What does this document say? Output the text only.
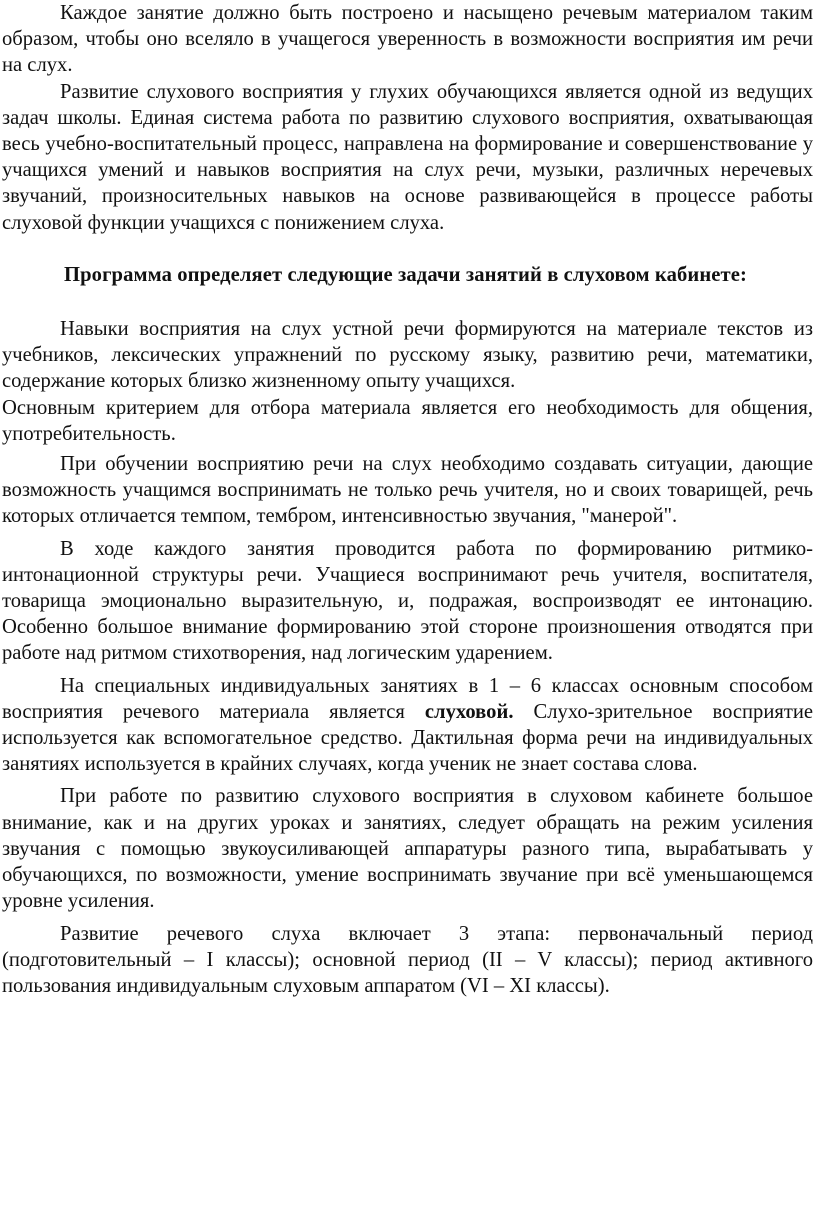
Каждое занятие должно быть построено и насыщено речевым материалом таким образом, чтобы оно вселяло в учащегося уверенность в возможности восприятия им речи на слух.

Развитие слухового восприятия у глухих обучающихся является одной из ведущих задач школы. Единая система работа по развитию слухового восприятия, охватывающая весь учебно-воспитательный процесс, направлена на формирование и совершенствование у учащихся умений и навыков восприятия на слух речи, музыки, различных неречевых звучаний, произносительных навыков на основе развивающейся в процессе работы слуховой функции учащихся с понижением слуха.

Программа определяет следующие задачи занятий в слуховом кабинете:

Навыки восприятия на слух устной речи формируются на материале текстов из учебников, лексических упражнений по русскому языку, развитию речи, математики, содержание которых близко жизненному опыту учащихся.

Основным критерием для отбора материала является его необходимость для общения, употребительность.

При обучении восприятию речи на слух необходимо создавать ситуации, дающие возможность учащимся воспринимать не только речь учителя, но и своих товарищей, речь которых отличается темпом, тембром, интенсивностью звучания, "манерой".

В ходе каждого занятия проводится работа по формированию ритмико-интонационной структуры речи. Учащиеся воспринимают речь учителя, воспитателя, товарища эмоционально выразительную, и, подражая, воспроизводят ее интонацию. Особенно большое внимание формированию этой стороне произношения отводятся при работе над ритмом стихотворения, над логическим ударением.

На специальных индивидуальных занятиях в 1 – 6 классах основным способом восприятия речевого материала является слуховой. Слухо-зрительное восприятие используется как вспомогательное средство. Дактильная форма речи на индивидуальных занятиях используется в крайних случаях, когда ученик не знает состава слова.

При работе по развитию слухового восприятия в слуховом кабинете большое внимание, как и на других уроках и занятиях, следует обращать на режим усиления звучания с помощью звукоусиливающей аппаратуры разного типа, вырабатывать у обучающихся, по возможности, умение воспринимать звучание при всё уменьшающемся уровне усиления.

Развитие речевого слуха включает 3 этапа: первоначальный период (подготовительный – I классы); основной период (II – V классы); период активного пользования индивидуальным слуховым аппаратом (VI – XI классы).
